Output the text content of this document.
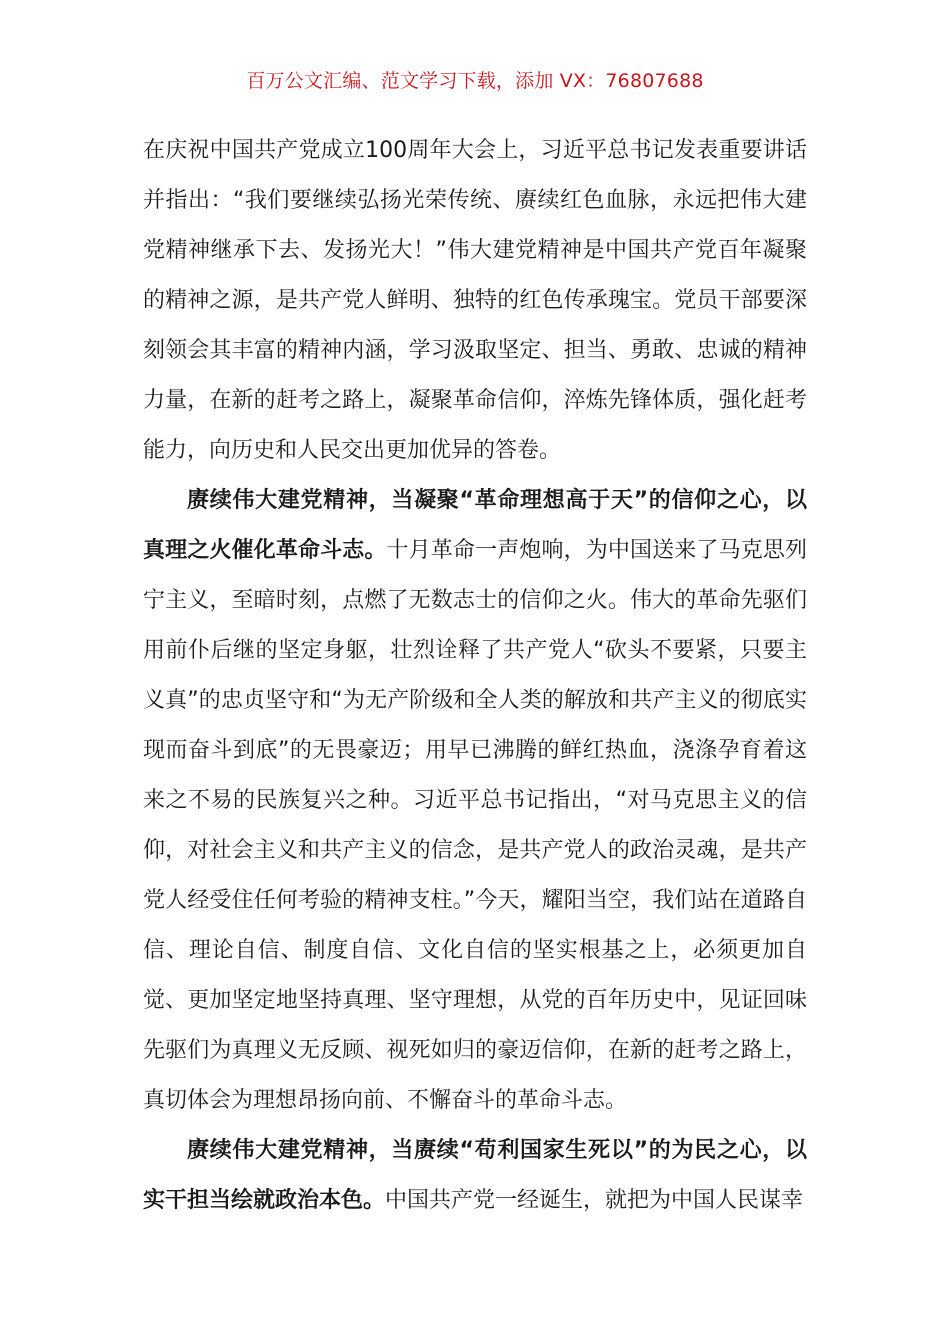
百万公文汇编、范文学习下载，添加 VX：76807688

在庆祝中国共产党成立100周年大会上，习近平总书记发表重要讲话并指出：“我们要继续弘扬光荣传统、赓续红色血脉，永远把伟大建党精神继承下去、发扬光大！”伟大建党精神是中国共产党百年凝聚的精神之源，是共产党人鲜明、独特的红色传承瑰宝。党员干部要深刻领会其丰富的精神内涵，学习汲取坚定、担当、勇敢、忠诚的精神力量，在新的赶考之路上，凝聚革命信仰，淬炼先锋体质，强化赶考能力，向历史和人民交出更加优异的答卷。

赓续伟大建党精神，当凝聚“革命理想高于天”的信仰之心，以真理之火催化革命斗志。十月革命一声炮响，为中国送来了马克思列宁主义，至暗时刻，点燃了无数志士的信仰之火。伟大的革命先驱们用前仆后继的坚定身躯，壮烈诠释了共产党人“砍头不要紧，只要主义真”的忠贞坚守和“为无产阶级和全人类的解放和共产主义的彻底实现而奋斗到底”的无畏豪迈；用早已沸腾的鲜红热血，浇涤孕育着这来之不易的民族复兴之种。习近平总书记指出，“对马克思主义的信仰，对社会主义和共产主义的信念，是共产党人的政治灵魂，是共产党人经受住任何考验的精神支柱。”今天，耀阳当空，我们站在道路自信、理论自信、制度自信、文化自信的坚实根基之上，必须更加自觉、更加坚定地坚持真理、坚守理想，从党的百年历史中，见证回味先驱们为真理义无反顾、视死如归的豪迈信仰，在新的赶考之路上，真切体会为理想昂扬向前、不懈奋斗的革命斗志。

赓续伟大建党精神，当赓续“苟利国家生死以”的为民之心，以实干担当绘就政治本色。中国共产党一经诞生，就把为中国人民谋幸
